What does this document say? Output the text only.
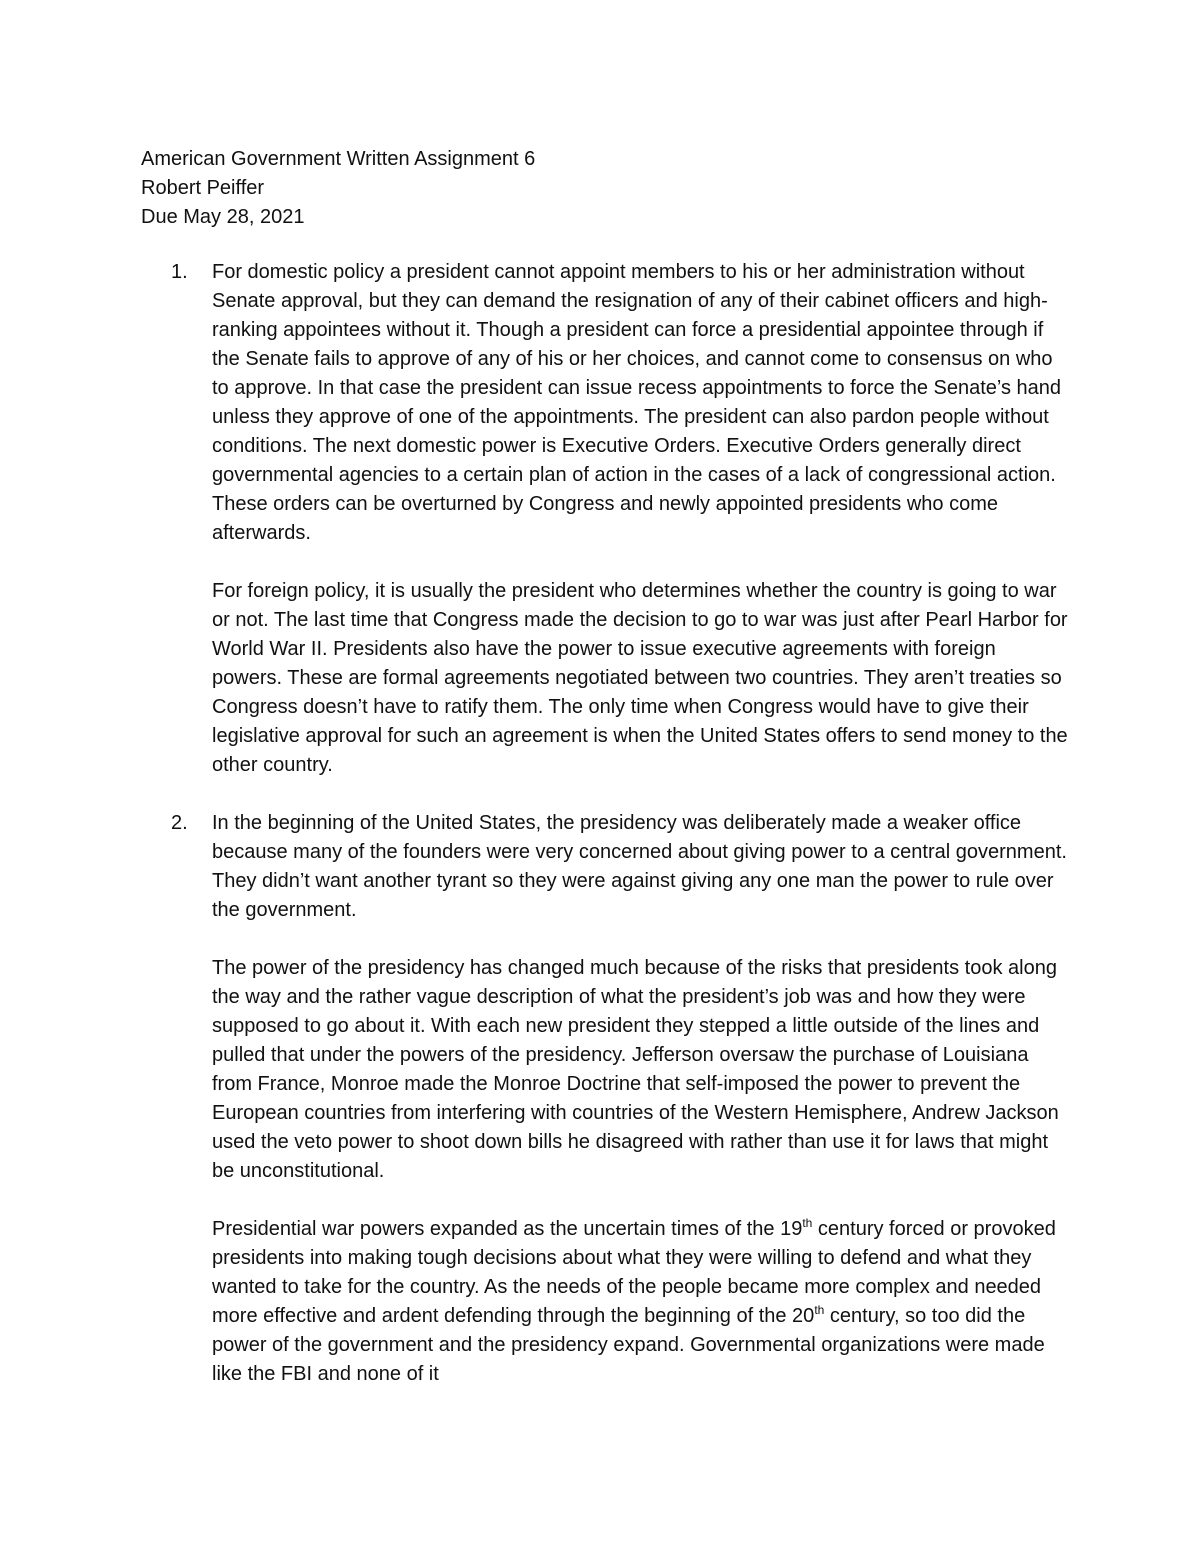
American Government Written Assignment 6
Robert Peiffer
Due May 28, 2021
1. For domestic policy a president cannot appoint members to his or her administration without Senate approval, but they can demand the resignation of any of their cabinet officers and high-ranking appointees without it. Though a president can force a presidential appointee through if the Senate fails to approve of any of his or her choices, and cannot come to consensus on who to approve. In that case the president can issue recess appointments to force the Senate’s hand unless they approve of one of the appointments. The president can also pardon people without conditions. The next domestic power is Executive Orders. Executive Orders generally direct governmental agencies to a certain plan of action in the cases of a lack of congressional action. These orders can be overturned by Congress and newly appointed presidents who come afterwards.

For foreign policy, it is usually the president who determines whether the country is going to war or not. The last time that Congress made the decision to go to war was just after Pearl Harbor for World War II. Presidents also have the power to issue executive agreements with foreign powers. These are formal agreements negotiated between two countries. They aren’t treaties so Congress doesn’t have to ratify them. The only time when Congress would have to give their legislative approval for such an agreement is when the United States offers to send money to the other country.

2. In the beginning of the United States, the presidency was deliberately made a weaker office because many of the founders were very concerned about giving power to a central government. They didn’t want another tyrant so they were against giving any one man the power to rule over the government.

The power of the presidency has changed much because of the risks that presidents took along the way and the rather vague description of what the president’s job was and how they were supposed to go about it. With each new president they stepped a little outside of the lines and pulled that under the powers of the presidency. Jefferson oversaw the purchase of Louisiana from France, Monroe made the Monroe Doctrine that self-imposed the power to prevent the European countries from interfering with countries of the Western Hemisphere, Andrew Jackson used the veto power to shoot down bills he disagreed with rather than use it for laws that might be unconstitutional.

Presidential war powers expanded as the uncertain times of the 19th century forced or provoked presidents into making tough decisions about what they were willing to defend and what they wanted to take for the country. As the needs of the people became more complex and needed more effective and ardent defending through the beginning of the 20th century, so too did the power of the government and the presidency expand. Governmental organizations were made like the FBI and none of it
